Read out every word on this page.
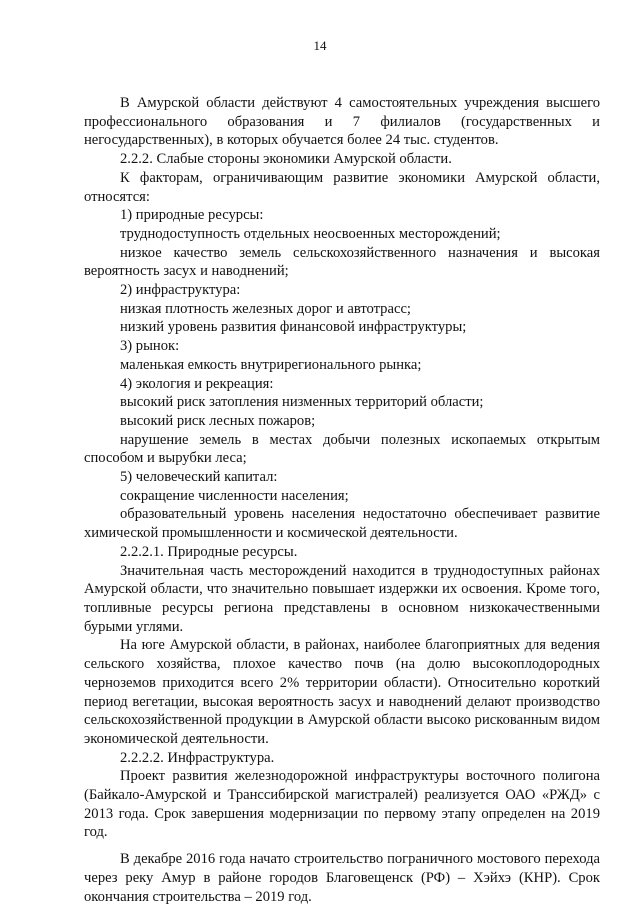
14

В Амурской области действуют 4 самостоятельных учреждения высшего профессионального образования и 7 филиалов (государственных и негосударственных), в которых обучается более 24 тыс. студентов.

2.2.2. Слабые стороны экономики Амурской области.

К факторам, ограничивающим развитие экономики Амурской области, относятся:

1) природные ресурсы:

труднодоступность отдельных неосвоенных месторождений;

низкое качество земель сельскохозяйственного назначения и высокая вероятность засух и наводнений;

2) инфраструктура:

низкая плотность железных дорог и автотрасс;

низкий уровень развития финансовой инфраструктуры;

3) рынок:

маленькая емкость внутрирегионального рынка;

4) экология и рекреация:

высокий риск затопления низменных территорий области;

высокий риск лесных пожаров;

нарушение земель в местах добычи полезных ископаемых открытым способом и вырубки леса;

5) человеческий капитал:

сокращение численности населения;

образовательный уровень населения недостаточно обеспечивает развитие химической промышленности и космической деятельности.

2.2.2.1. Природные ресурсы.

Значительная часть месторождений находится в труднодоступных районах Амурской области, что значительно повышает издержки их освоения. Кроме того, топливные ресурсы региона представлены в основном низкокачественными бурыми углями.

На юге Амурской области, в районах, наиболее благоприятных для ведения сельского хозяйства, плохое качество почв (на долю высокоплодородных черноземов приходится всего 2% территории области). Относительно короткий период вегетации, высокая вероятность засух и наводнений делают производство сельскохозяйственной продукции в Амурской области высоко рискованным видом экономической деятельности.

2.2.2.2. Инфраструктура.

Проект развития железнодорожной инфраструктуры восточного полигона (Байкало-Амурской и Транссибирской магистралей) реализуется ОАО «РЖД» с 2013 года. Срок завершения модернизации по первому этапу определен на 2019 год.

В декабре 2016 года начато строительство пограничного мостового перехода через реку Амур в районе городов Благовещенск (РФ) – Хэйхэ (КНР). Срок окончания строительства – 2019 год.
